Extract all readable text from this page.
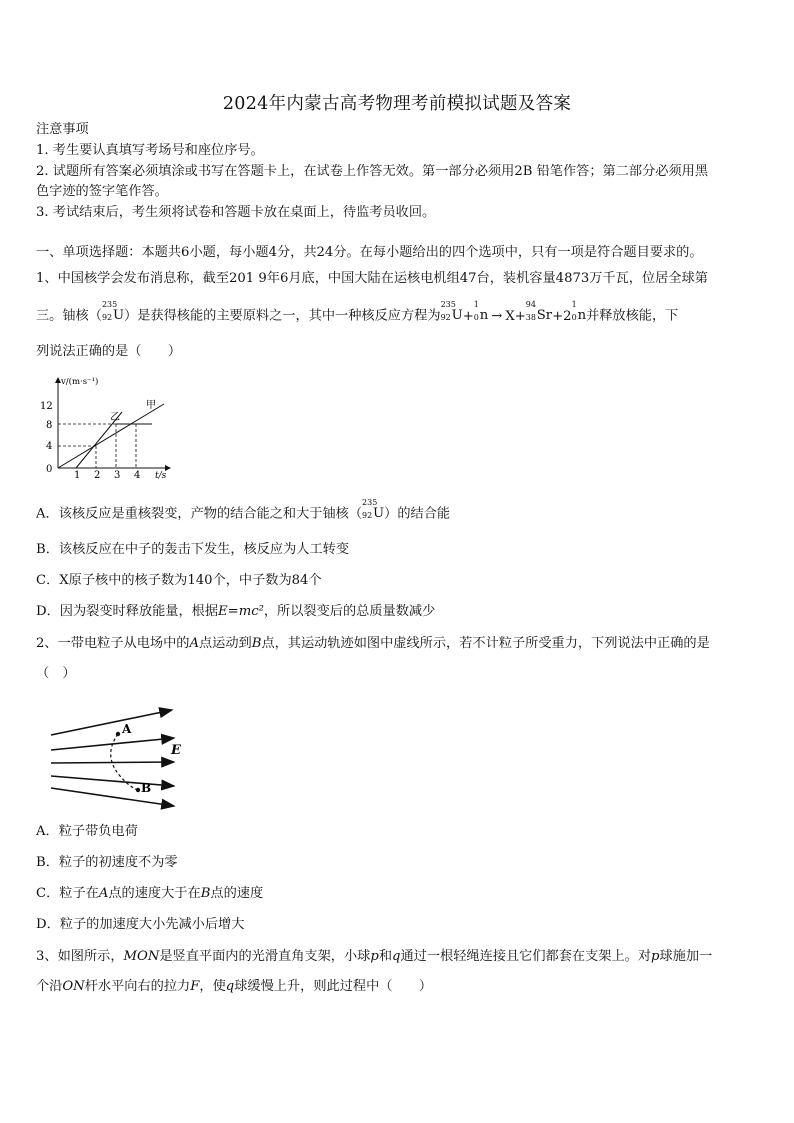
2024年内蒙古高考物理考前模拟试题及答案
注意事项
1. 考生要认真填写考场号和座位序号。
2. 试题所有答案必须填涂或书写在答题卡上，在试卷上作答无效。第一部分必须用2B 铅笔作答；第二部分必须用黑
色字迹的签字笔作答。
3. 考试结束后，考生须将试卷和答题卡放在桌面上，待监考员收回。
一、单项选择题：本题共6小题，每小题4分，共24分。在每小题给出的四个选项中，只有一项是符合题目要求的。
1、中国核学会发布消息称，截至201 9年6月底，中国大陆在运核电机组47台，装机容量4873万千瓦，位居全球第
三。铀核（
235
92 U）是获得核能的主要原料之一，其中一种核反应方程为
235
92 U+
1
0 n → X+
94
38 Sr+2
1
0 n并释放核能，下
列说法正确的是（　　）
v/(m·s⁻¹)
t/s
12
8
4
0
1 2 3 4
甲
乙
A．该核反应是重核裂变，产物的结合能之和大于铀核（
235
92 U）的结合能
B．该核反应在中子的轰击下发生，核反应为人工转变
C．X原子核中的核子数为140个，中子数为84个
D．因为裂变时释放能量，根据E=mc²，所以裂变后的总质量数减少
2、一带电粒子从电场中的A点运动到B点，其运动轨迹如图中虚线所示，若不计粒子所受重力，下列说法中正确的是
（　）
A
B
E
A．粒子带负电荷
B．粒子的初速度不为零
C．粒子在A点的速度大于在B点的速度
D．粒子的加速度大小先减小后增大
3、如图所示，MON是竖直平面内的光滑直角支架，小球p和q通过一根轻绳连接且它们都套在支架上。对p球施加一
个沿ON杆水平向右的拉力F，使q球缓慢上升，则此过程中（　　）
